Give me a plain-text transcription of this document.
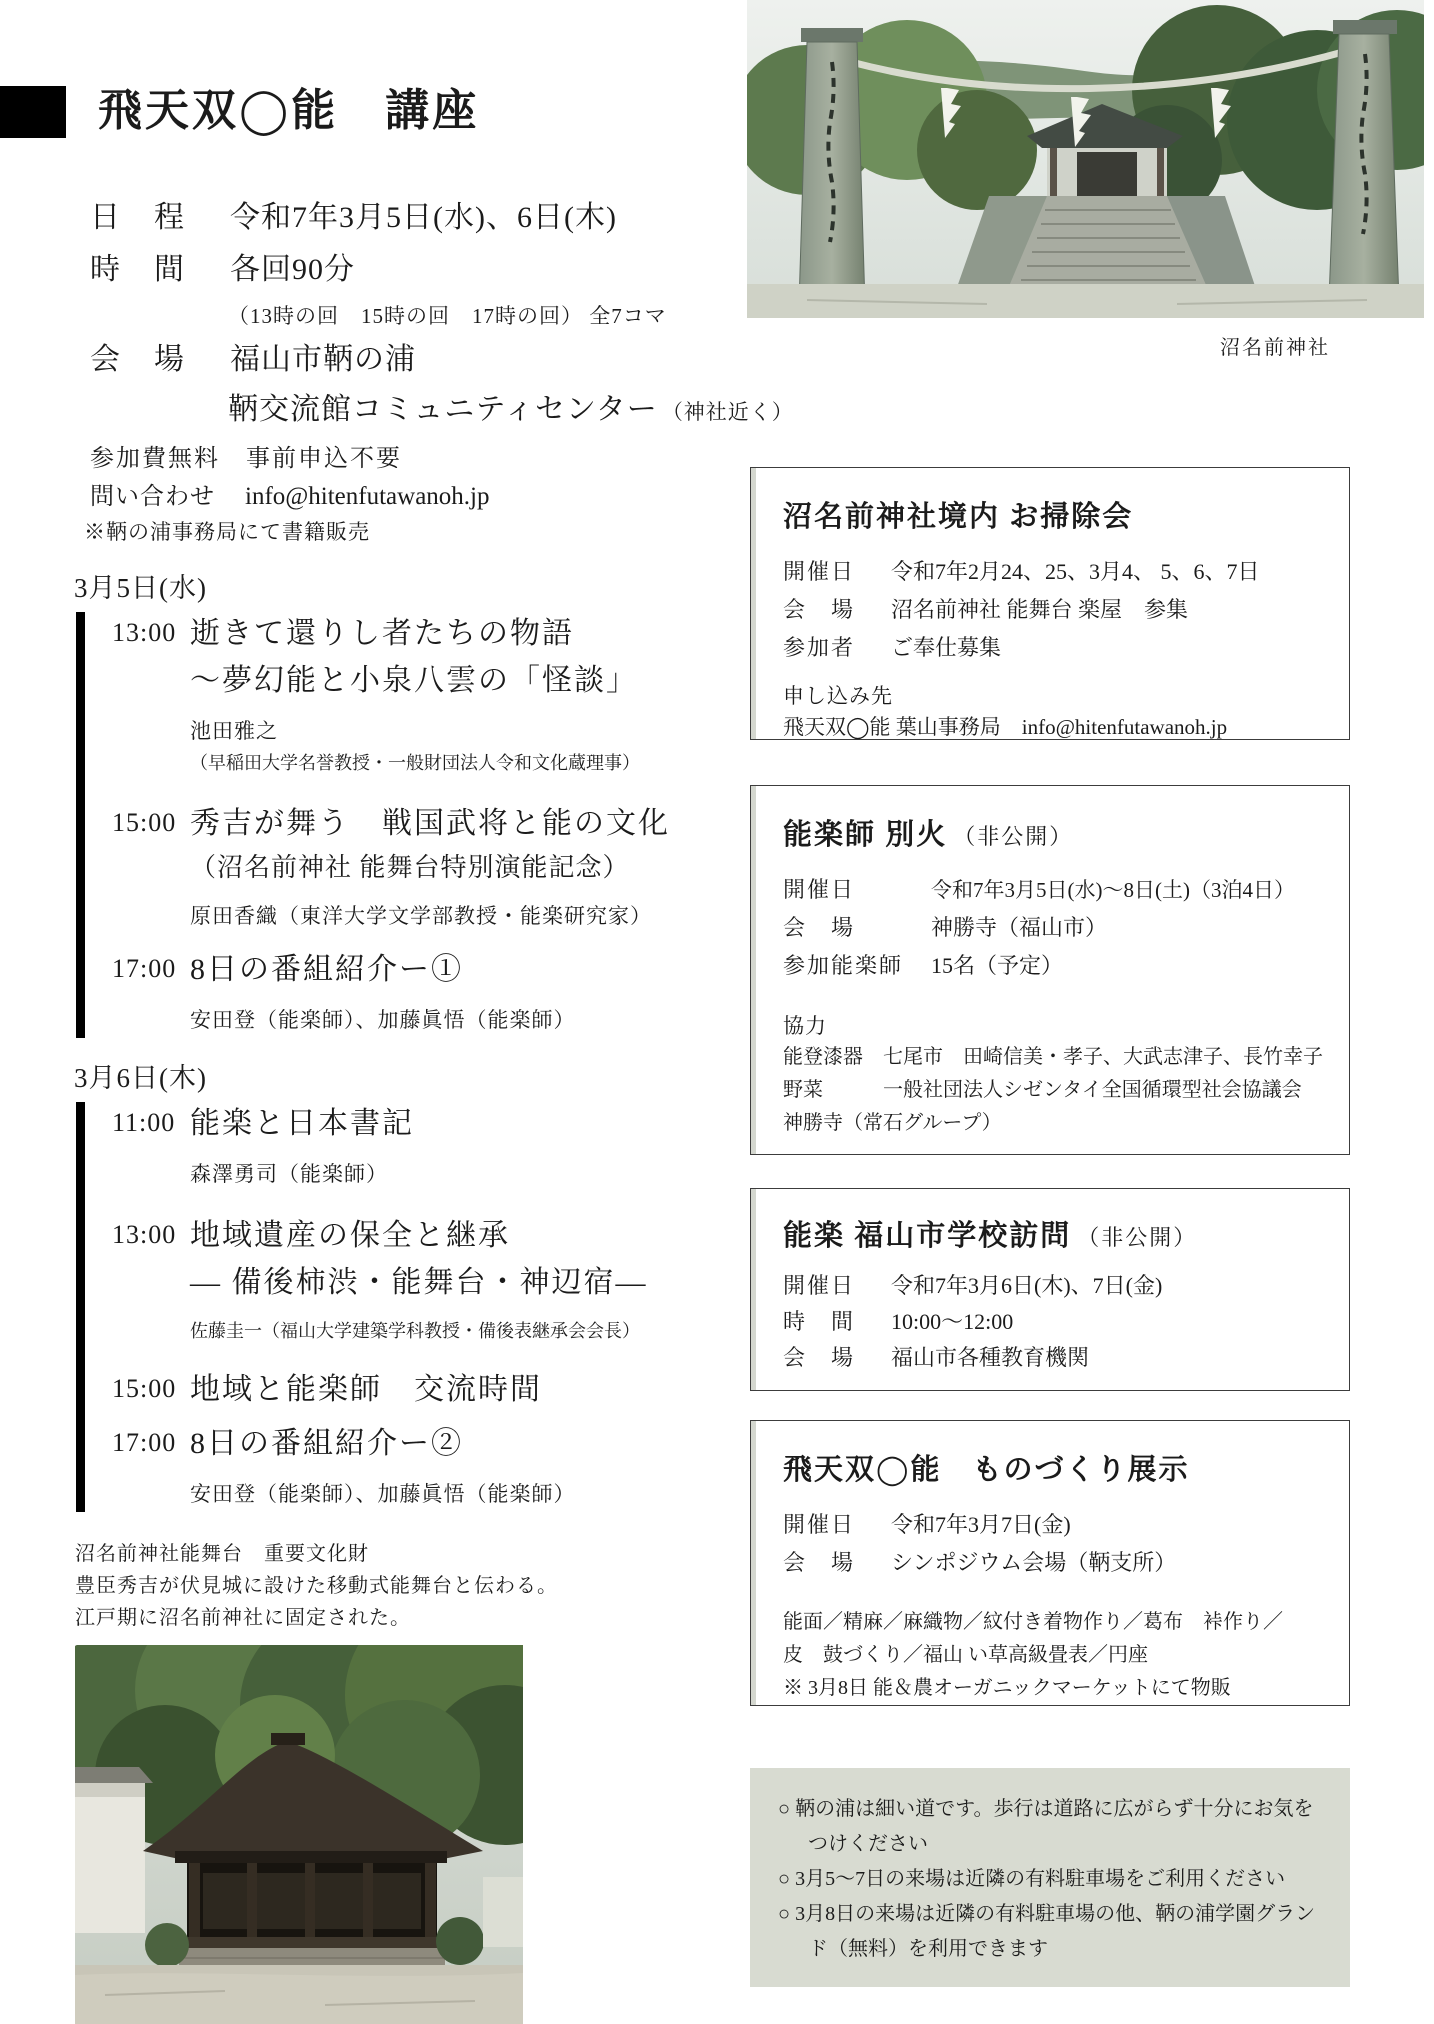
飛天双◯能　講座
日　程	令和7年3月5日(水)、6日(木)
時　間	各回90分
（13時の回　15時の回　17時の回） 全7コマ
会　場	福山市鞆の浦
鞆交流館コミュニティセンター （神社近く）
参加費無料　事前申込不要
問い合わせ info@hitenfutawanoh.jp
※鞆の浦事務局にて書籍販売
3月5日(水)
13:00 逝きて還りし者たちの物語
～夢幻能と小泉八雲の「怪談」
池田雅之
（早稲田大学名誉教授・一般財団法人令和文化蔵理事）
15:00 秀吉が舞う　戦国武将と能の文化
（沼名前神社 能舞台特別演能記念）
原田香織（東洋大学文学部教授・能楽研究家）
17:00 8日の番組紹介ー①
安田登（能楽師）、加藤眞悟（能楽師）
3月6日(木)
11:00 能楽と日本書記
森澤勇司（能楽師）
13:00 地域遺産の保全と継承
― 備後柿渋・能舞台・神辺宿―
佐藤圭一（福山大学建築学科教授・備後表継承会会長）
15:00 地域と能楽師　交流時間
17:00 8日の番組紹介ー②
安田登（能楽師）、加藤眞悟（能楽師）
沼名前神社能舞台　重要文化財
豊臣秀吉が伏見城に設けた移動式能舞台と伝わる。
江戸期に沼名前神社に固定された。
沼名前神社
沼名前神社境内 お掃除会
開催日	令和7年2月24、25、3月4、 5、6、7日
会　場	沼名前神社 能舞台 楽屋　参集
参加者	ご奉仕募集
申し込み先
飛天双◯能 葉山事務局　info@hitenfutawanoh.jp
能楽師 別火 （非公開）
開催日	令和7年3月5日(水)～8日(土)（3泊4日）
会　場	神勝寺（福山市）
参加能楽師	15名（予定）
協力
能登漆器　七尾市　田崎信美・孝子、大武志津子、長竹幸子
野菜　　　一般社団法人シゼンタイ全国循環型社会協議会
神勝寺（常石グループ）
能楽 福山市学校訪問 （非公開）
開催日	令和7年3月6日(木)、7日(金)
時　間	10:00～12:00
会　場	福山市各種教育機関
飛天双◯能　ものづくり展示
開催日	令和7年3月7日(金)
会　場	シンポジウム会場（鞆支所）
能面／精麻／麻織物／紋付き着物作り／葛布　裃作り／
皮　鼓づくり／福山 い草高級畳表／円座
※ 3月8日 能＆農オーガニックマーケットにて物販
○ 鞆の浦は細い道です。歩行は道路に広がらず十分にお気をつけください
○ 3月5～7日の来場は近隣の有料駐車場をご利用ください
○ 3月8日の来場は近隣の有料駐車場の他、鞆の浦学園グランド（無料）を利用できます
